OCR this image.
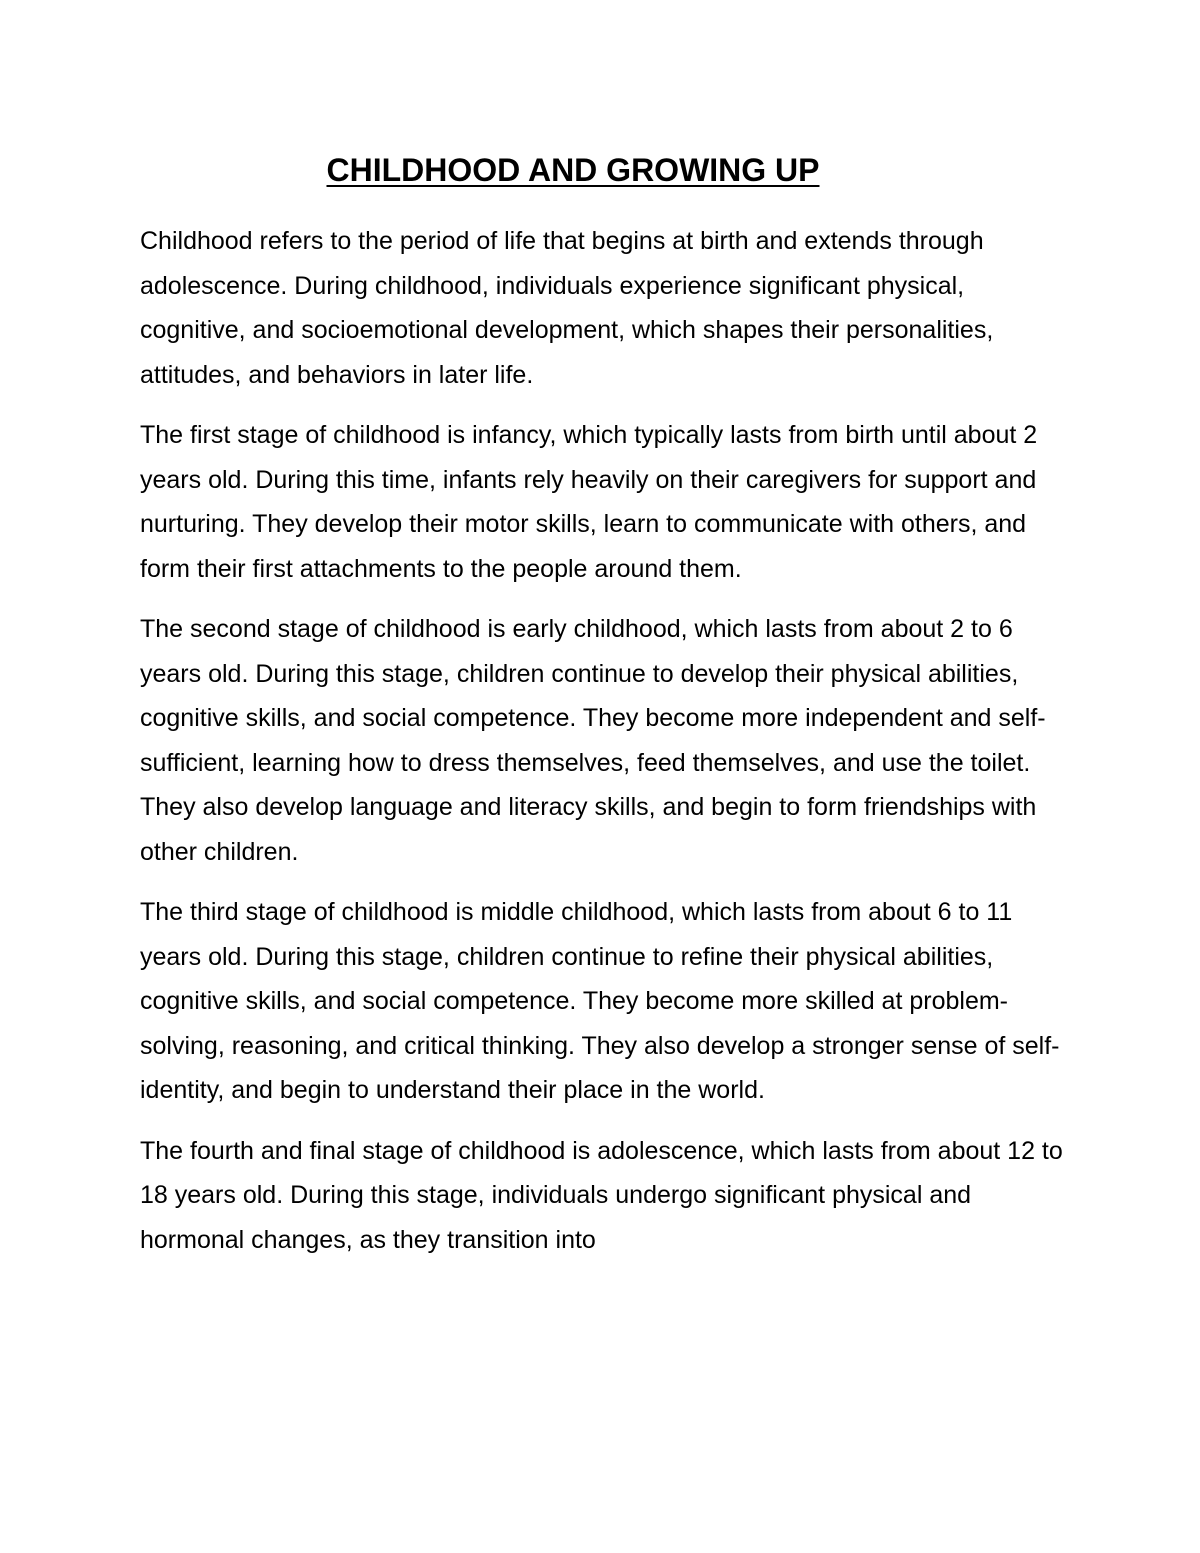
CHILDHOOD AND GROWING UP

Childhood refers to the period of life that begins at birth and extends through adolescence. During childhood, individuals experience significant physical, cognitive, and socioemotional development, which shapes their personalities, attitudes, and behaviors in later life.

The first stage of childhood is infancy, which typically lasts from birth until about 2 years old. During this time, infants rely heavily on their caregivers for support and nurturing. They develop their motor skills, learn to communicate with others, and form their first attachments to the people around them.

The second stage of childhood is early childhood, which lasts from about 2 to 6 years old. During this stage, children continue to develop their physical abilities, cognitive skills, and social competence. They become more independent and self-sufficient, learning how to dress themselves, feed themselves, and use the toilet. They also develop language and literacy skills, and begin to form friendships with other children.

The third stage of childhood is middle childhood, which lasts from about 6 to 11 years old. During this stage, children continue to refine their physical abilities, cognitive skills, and social competence. They become more skilled at problem-solving, reasoning, and critical thinking. They also develop a stronger sense of self-identity, and begin to understand their place in the world.

The fourth and final stage of childhood is adolescence, which lasts from about 12 to 18 years old. During this stage, individuals undergo significant physical and hormonal changes, as they transition into
